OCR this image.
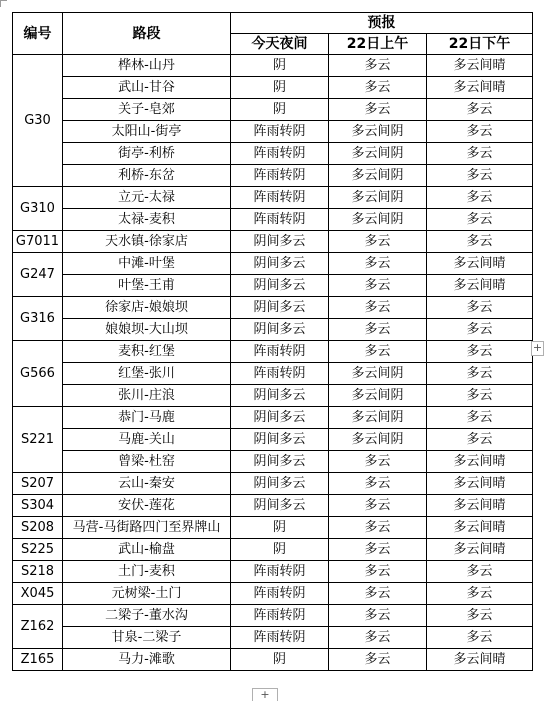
编号	路段	预报		
		今天夜间	22日上午	22日下午
G30	桦林-山丹	阴	多云	多云间晴
	武山-甘谷	阴	多云	多云间晴
	关子-皂郊	阴	多云	多云
	太阳山-街亭	阵雨转阴	多云间阴	多云
	街亭-利桥	阵雨转阴	多云间阴	多云
	利桥-东岔	阵雨转阴	多云间阴	多云
G310	立元-太禄	阵雨转阴	多云间阴	多云
	太禄-麦积	阵雨转阴	多云间阴	多云
G7011	天水镇-徐家店	阴间多云	多云	多云
G247	中滩-叶堡	阴间多云	多云	多云间晴
	叶堡-王甫	阴间多云	多云	多云间晴
G316	徐家店-娘娘坝	阴间多云	多云	多云
	娘娘坝-大山坝	阴间多云	多云	多云
G566	麦积-红堡	阵雨转阴	多云	多云
	红堡-张川	阵雨转阴	多云间阴	多云
	张川-庄浪	阴间多云	多云间阴	多云
S221	恭门-马鹿	阴间多云	多云间阴	多云
	马鹿-关山	阴间多云	多云间阴	多云
	曾梁-杜窑	阴间多云	多云	多云间晴
S207	云山-秦安	阴间多云	多云	多云间晴
S304	安伏-莲花	阴间多云	多云	多云间晴
S208	马营-马街路四门至界牌山	阴	多云	多云间晴
S225	武山-榆盘	阴	多云	多云间晴
S218	土门-麦积	阵雨转阴	多云	多云
X045	元树梁-土门	阵雨转阴	多云	多云
Z162	二梁子-董水沟	阵雨转阴	多云	多云
	甘泉-二梁子	阵雨转阴	多云	多云
Z165	马力-滩歌	阴	多云	多云间晴
+
+
